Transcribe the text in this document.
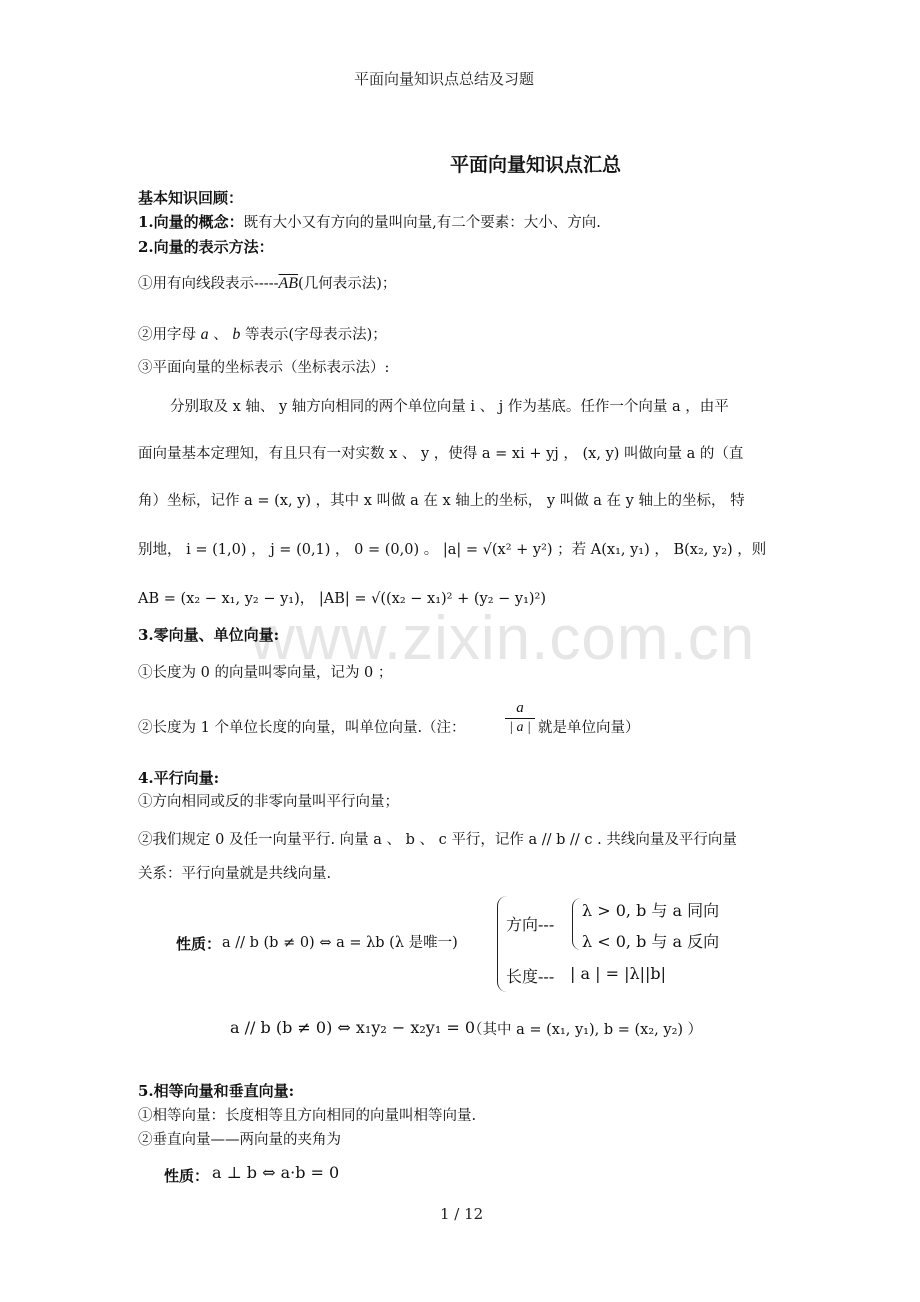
平面向量知识点总结及习题
www.zixin.com.cn
平面向量知识点汇总
基本知识回顾：
1.向量的概念：既有大小又有方向的量叫向量,有二个要素：大小、方向.
2.向量的表示方法：
①用有向线段表示$-----\overline{AB}$(几何表示法)；
②用字母 a 、 b 等表示(字母表示法)；
③平面向量的坐标表示（坐标表示法）:
分别取及 x 轴、 y 轴方向相同的两个单位向量 i 、 j 作为基底。任作一个向量 a ，由平
面向量基本定理知，有且只有一对实数 x 、 y ，使得 a = xi + yj ， (x, y) 叫做向量 a 的（直
角）坐标，记作 a = (x, y) ，其中 x 叫做 a 在 x 轴上的坐标， y 叫做 a 在 y 轴上的坐标， 特
别地， i = (1,0) ， j = (0,1) ， 0 = (0,0) 。 |a| = √(x² + y²) ；若 A(x₁, y₁) ， B(x₂, y₂) ，则
AB = (x₂ − x₁, y₂ − y₁)， |AB| = √((x₂ − x₁)² + (y₂ − y₁)²)
3.零向量、单位向量:
①长度为 0 的向量叫零向量，记为 0 ；
②长度为 1 个单位长度的向量，叫单位向量.（注：
a
| a | 就是单位向量）
4.平行向量:
①方向相同或反的非零向量叫平行向量；
②我们规定 0 及任一向量平行. 向量 a 、 b 、 c 平行，记作 a // b // c . 共线向量及平行向量
关系：平行向量就是共线向量.
性质： a // b (b ≠ 0) ⇔ a = λb (λ 是唯一)
方向---
λ > 0, b 与 a 同向
λ < 0, b 与 a 反向
长度--- | a | = |λ||b|
a // b (b ≠ 0) ⇔ x₁y₂ − x₂y₁ = 0
（其中 a = (x₁, y₁), b = (x₂, y₂) ）
5.相等向量和垂直向量:
①相等向量：长度相等且方向相同的向量叫相等向量.
②垂直向量——两向量的夹角为
性质： a ⊥ b ⇔ a·b = 0
1 / 12
